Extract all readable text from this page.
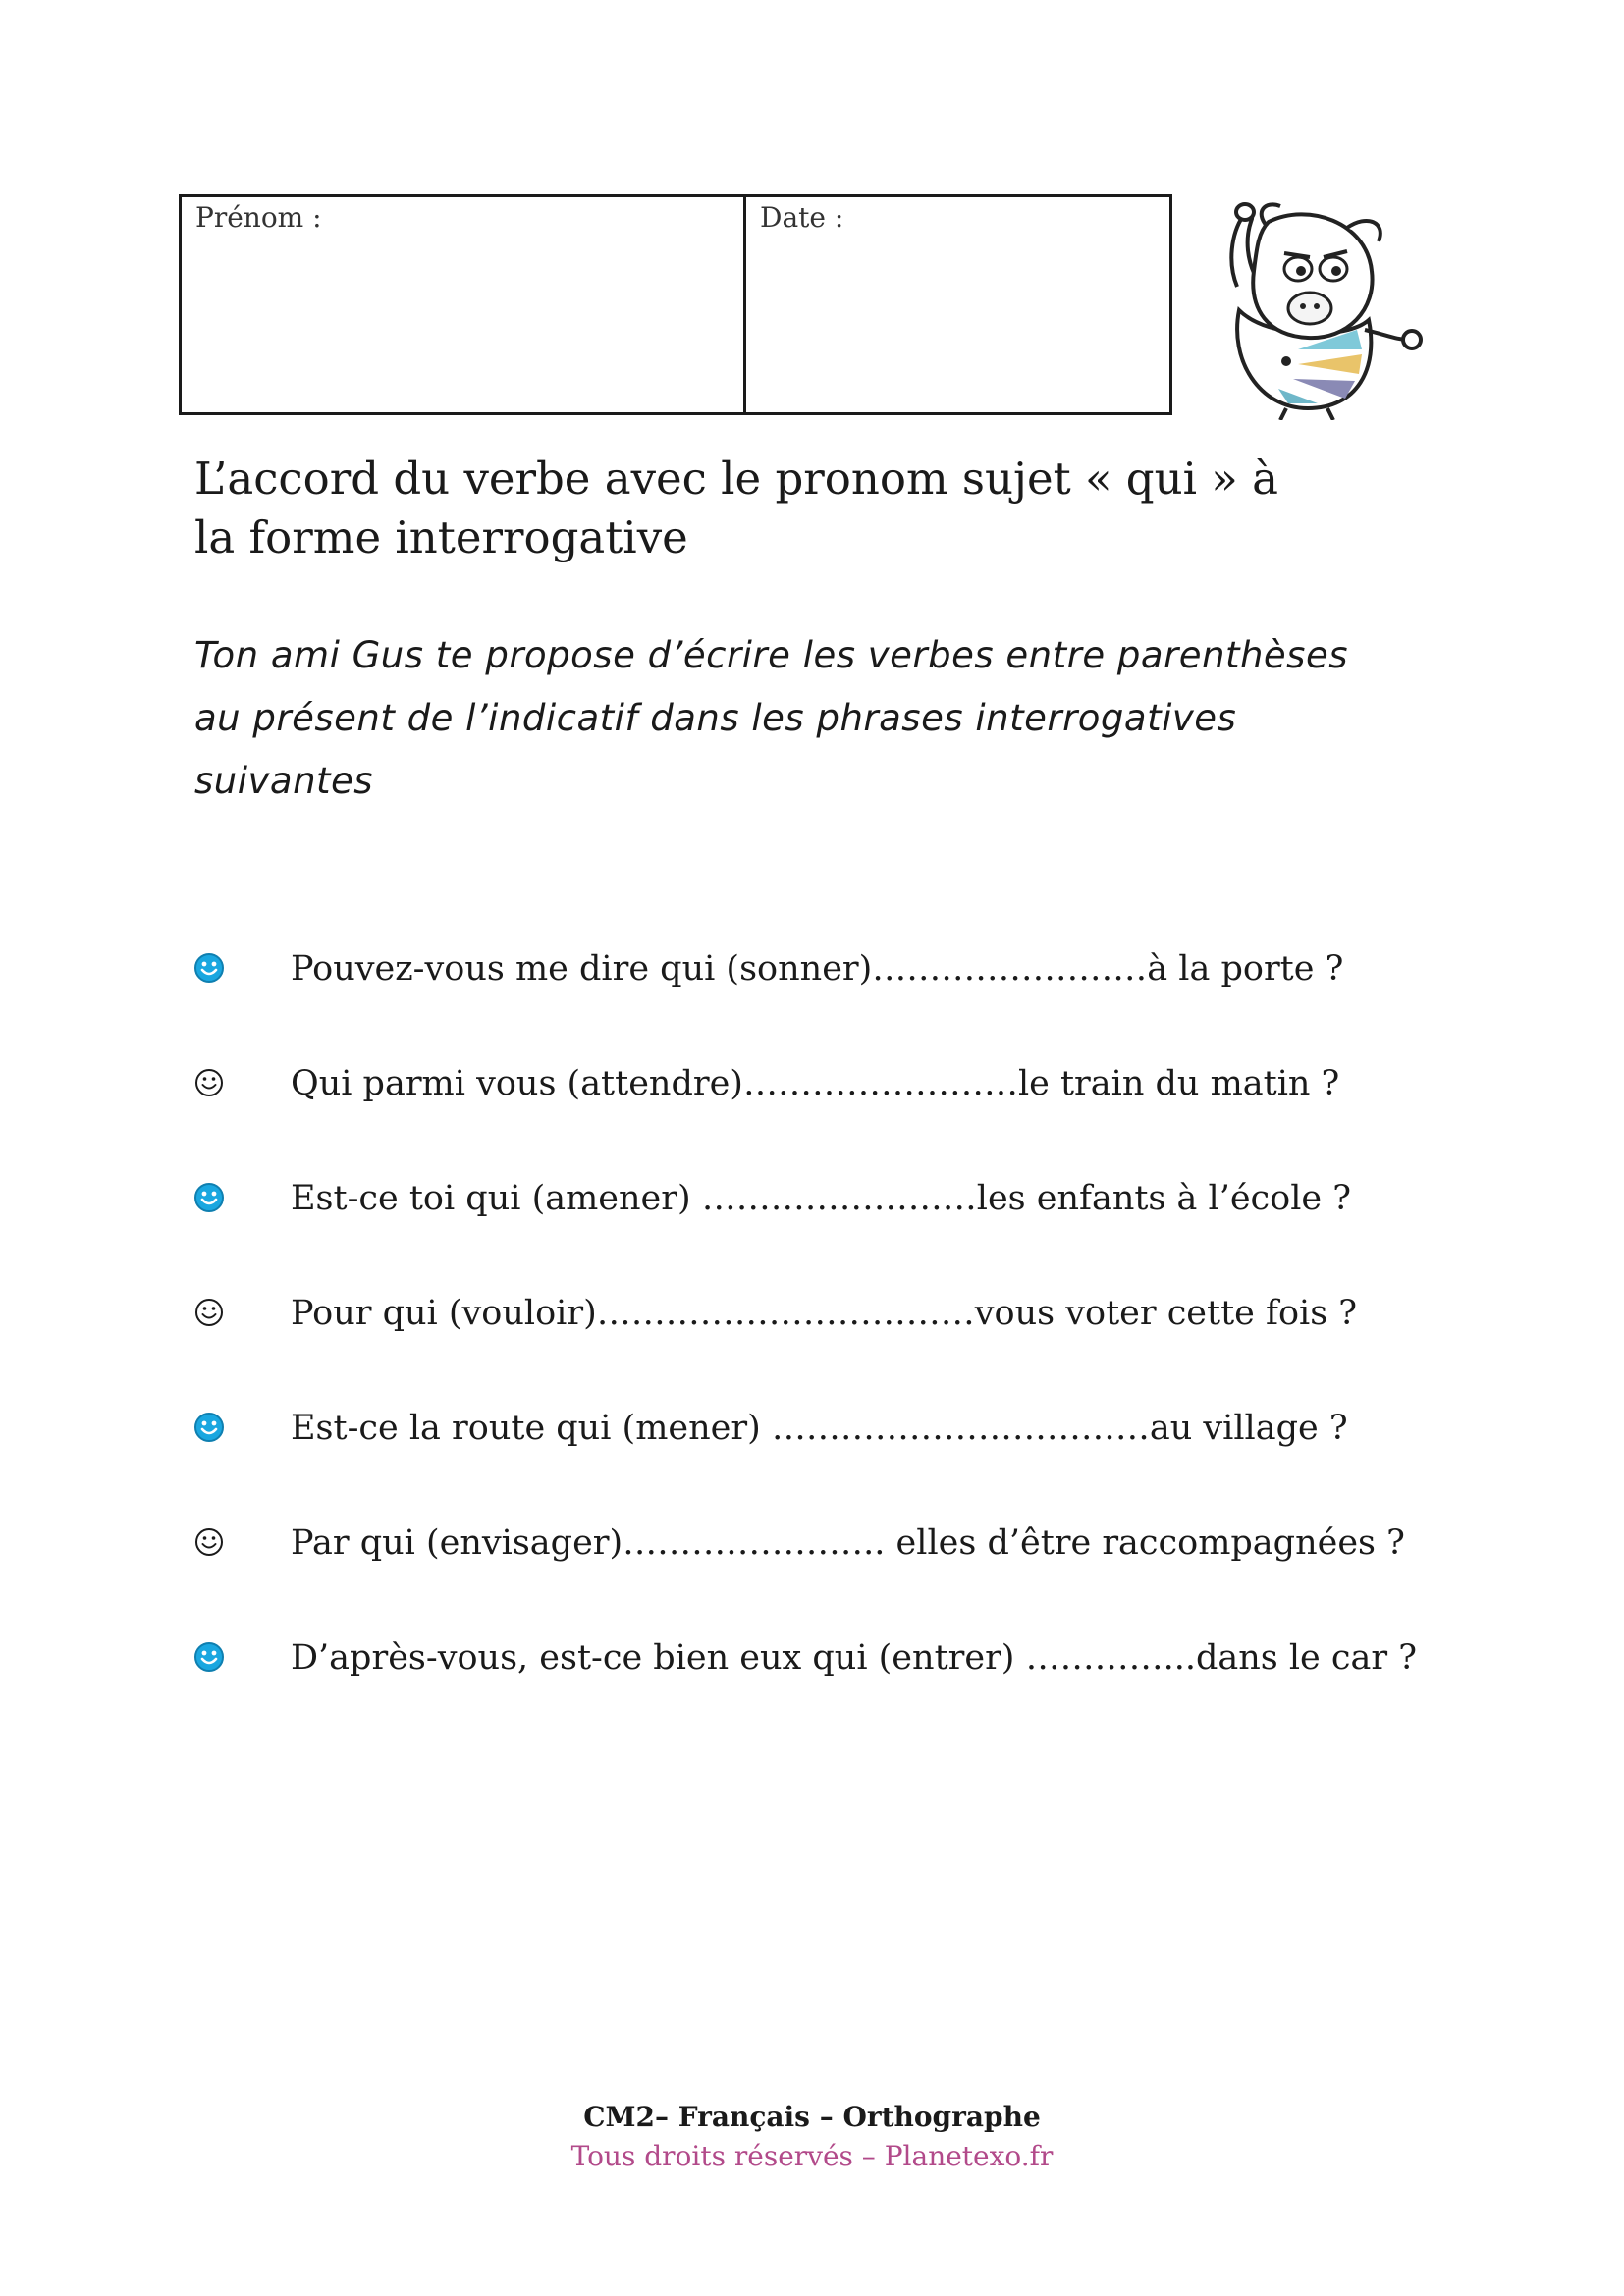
Prénom :	Date :
L’accord du verbe avec le pronom sujet « qui » à
la forme interrogative
Ton ami Gus te propose d’écrire les verbes entre parenthèses
au présent de l’indicatif dans les phrases interrogatives
suivantes
Pouvez-vous me dire qui (sonner)……………………à la porte ?
Qui parmi vous (attendre)……………………le train du matin ?
Est-ce toi qui (amener) ……………………les enfants à l’école ?
Pour qui (vouloir)……………………………vous voter cette fois ?
Est-ce la route qui (mener) ……………………………au village ?
Par qui (envisager)………………….. elles d’être raccompagnées ?
D’après-vous, est-ce bien eux qui (entrer) …………...dans le car ?
CM2– Français – Orthographe
Tous droits réservés – Planetexo.fr
